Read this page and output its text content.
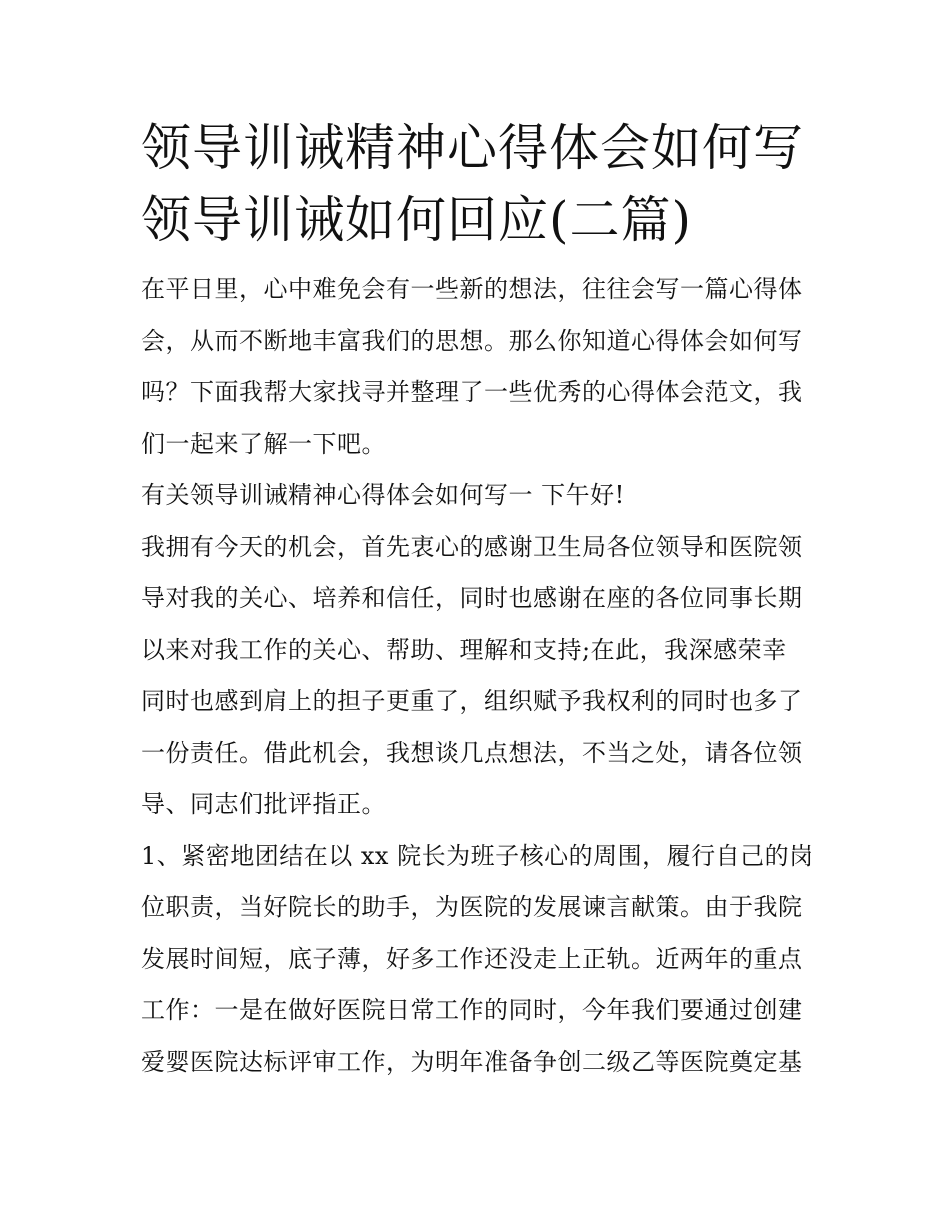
领导训诫精神心得体会如何写
领导训诫如何回应(二篇)
在平日里，心中难免会有一些新的想法，往往会写一篇心得体
会，从而不断地丰富我们的思想。那么你知道心得体会如何写
吗？下面我帮大家找寻并整理了一些优秀的心得体会范文，我
们一起来了解一下吧。
有关领导训诫精神心得体会如何写一 下午好!
我拥有今天的机会，首先衷心的感谢卫生局各位领导和医院领
导对我的关心、培养和信任，同时也感谢在座的各位同事长期
以来对我工作的关心、帮助、理解和支持;在此，我深感荣幸
同时也感到肩上的担子更重了，组织赋予我权利的同时也多了
一份责任。借此机会，我想谈几点想法，不当之处，请各位领
导、同志们批评指正。
1、紧密地团结在以 xx 院长为班子核心的周围，履行自己的岗
位职责，当好院长的助手，为医院的发展谏言献策。由于我院
发展时间短，底子薄，好多工作还没走上正轨。近两年的重点
工作：一是在做好医院日常工作的同时，今年我们要通过创建
爱婴医院达标评审工作，为明年准备争创二级乙等医院奠定基
